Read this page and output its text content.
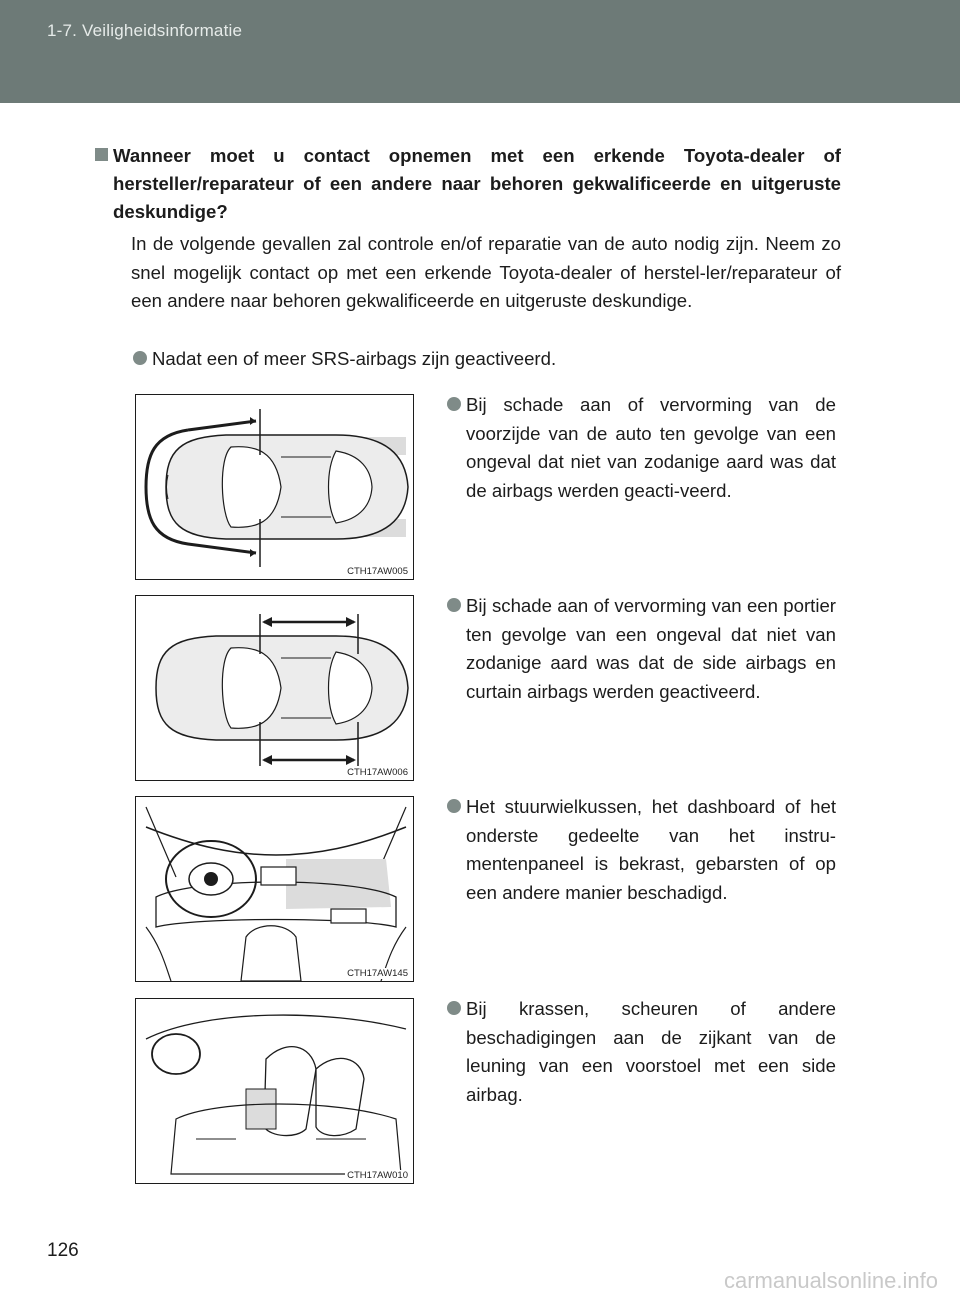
1-7. Veiligheidsinformatie
Wanneer moet u contact opnemen met een erkende Toyota-dealer of hersteller/reparateur of een andere naar behoren gekwalificeerde en uitgeruste deskundige?
In de volgende gevallen zal controle en/of reparatie van de auto nodig zijn. Neem zo snel mogelijk contact op met een erkende Toyota-dealer of herstel-ler/reparateur of een andere naar behoren gekwalificeerde en uitgeruste deskundige.
Nadat een of meer SRS-airbags zijn geactiveerd.
Bij schade aan of vervorming van de voorzijde van de auto ten gevolge van een ongeval dat niet van zodanige aard was dat de airbags werden geacti-veerd.
CTH17AW005
Bij schade aan of vervorming van een portier ten gevolge van een ongeval dat niet van zodanige aard was dat de side airbags en curtain airbags werden geactiveerd.
CTH17AW006
Het stuurwielkussen, het dashboard of het onderste gedeelte van het instru-mentenpaneel is bekrast, gebarsten of op een andere manier beschadigd.
CTH17AW145
Bij krassen, scheuren of andere beschadigingen aan de zijkant van de leuning van een voorstoel met een side airbag.
CTH17AW010
126
carmanualsonline.info
